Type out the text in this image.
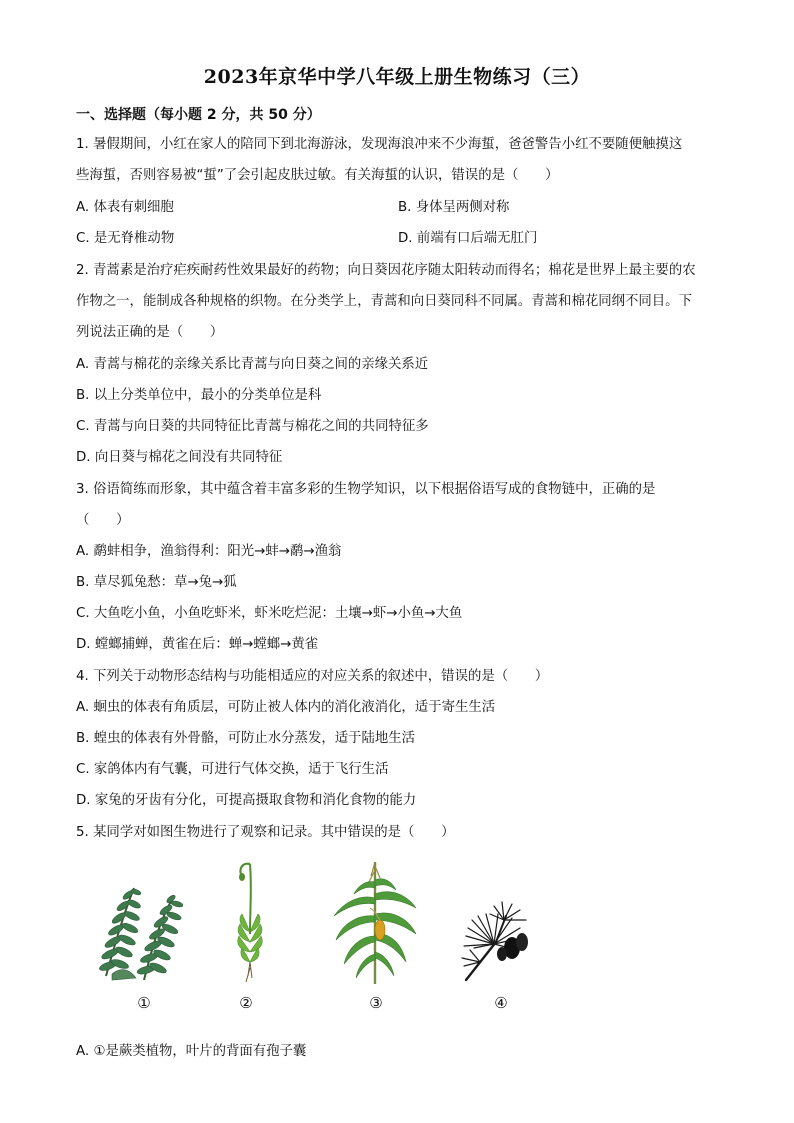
2023年京华中学八年级上册生物练习（三）
一、选择题（每小题 2 分，共 50 分）
1. 暑假期间，小红在家人的陪同下到北海游泳，发现海浪冲来不少海蜇，爸爸警告小红不要随便触摸这
些海蜇，否则容易被“蜇”了会引起皮肤过敏。有关海蜇的认识，错误的是（　　）
A. 体表有刺细胞	B. 身体呈两侧对称
C. 是无脊椎动物	D. 前端有口后端无肛门
2. 青蒿素是治疗疟疾耐药性效果最好的药物；向日葵因花序随太阳转动而得名；棉花是世界上最主要的农
作物之一，能制成各种规格的织物。在分类学上，青蒿和向日葵同科不同属。青蒿和棉花同纲不同目。下
列说法正确的是（　　）
A. 青蒿与棉花的亲缘关系比青蒿与向日葵之间的亲缘关系近
B. 以上分类单位中，最小的分类单位是科
C. 青蒿与向日葵的共同特征比青蒿与棉花之间的共同特征多
D. 向日葵与棉花之间没有共同特征
3. 俗语简练而形象，其中蕴含着丰富多彩的生物学知识，以下根据俗语写成的食物链中，正确的是
（　　）
A. 鹬蚌相争，渔翁得利：阳光→蚌→鹬→渔翁
B. 草尽狐兔愁：草→兔→狐
C. 大鱼吃小鱼，小鱼吃虾米，虾米吃烂泥：土壤→虾→小鱼→大鱼
D. 螳螂捕蝉，黄雀在后：蝉→螳螂→黄雀
4. 下列关于动物形态结构与功能相适应的对应关系的叙述中，错误的是（　　）
A. 蛔虫的体表有角质层，可防止被人体内的消化液消化，适于寄生生活
B. 蝗虫的体表有外骨骼，可防止水分蒸发，适于陆地生活
C. 家鸽体内有气囊，可进行气体交换，适于飞行生活
D. 家兔的牙齿有分化，可提高摄取食物和消化食物的能力
5. 某同学对如图生物进行了观察和记录。其中错误的是（　　）
①	②	③	④
A. ①是蕨类植物，叶片的背面有孢子囊
